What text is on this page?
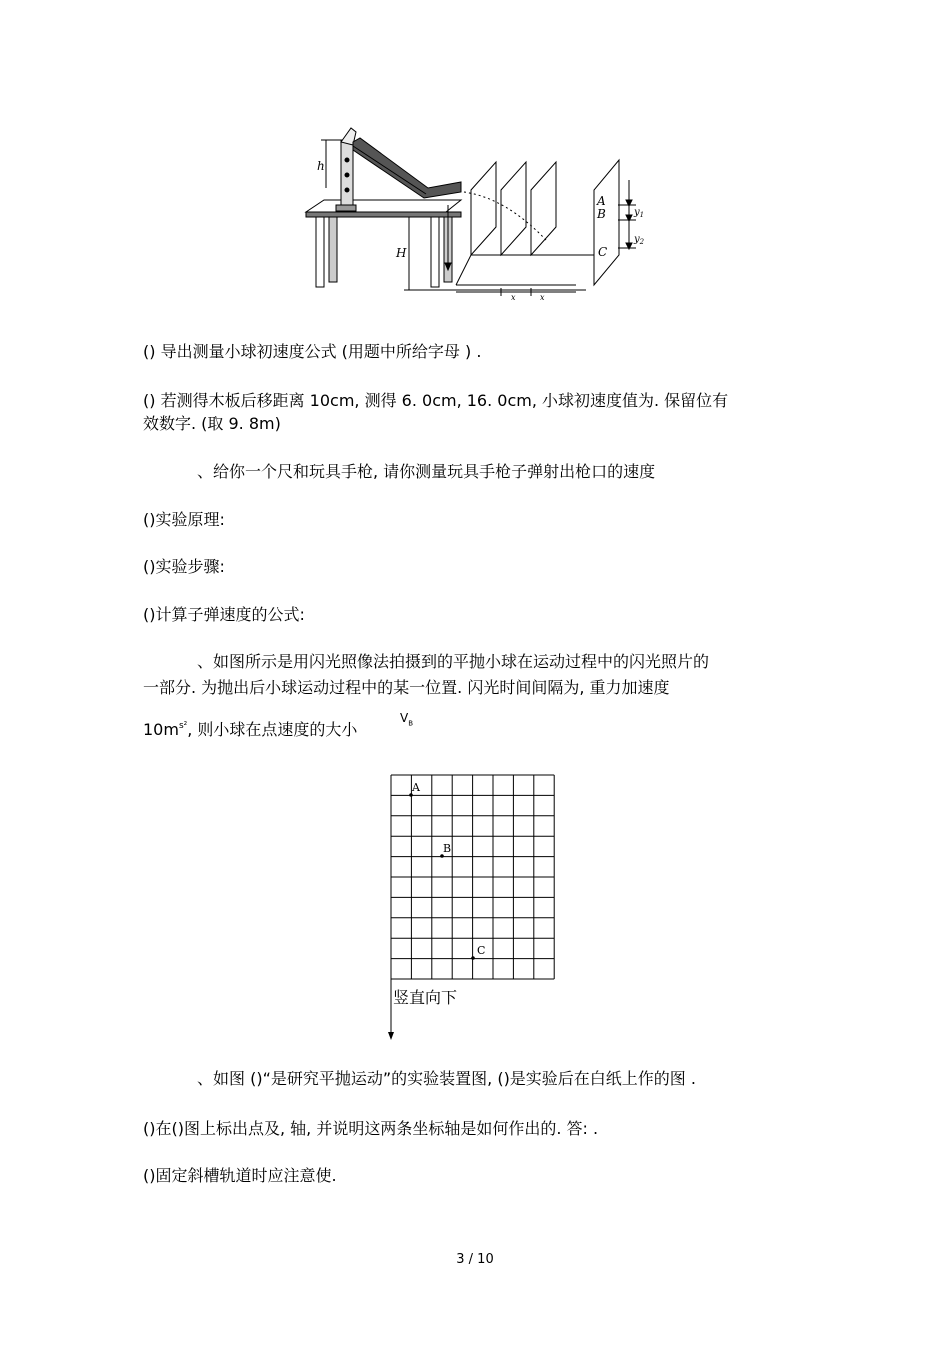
h
H
A
B
C
$y_1$
$y_2$
x	x
() 导出测量小球初速度公式 (用题中所给字母 ) .
() 若测得木板后移距离 10cm, 测得 6. 0cm, 16. 0cm, 小球初速度值为. 保留位有
效数字. (取 9. 8m)
、给你一个尺和玩具手枪, 请你测量玩具手枪子弹射出枪口的速度
()实验原理:
()实验步骤:
()计算子弹速度的公式:
、如图所示是用闪光照像法拍摄到的平抛小球在运动过程中的闪光照片的
一部分. 为抛出后小球运动过程中的某一位置. 闪光时间间隔为, 重力加速度
$10m^{s^2}$, 则小球在点速度的大小
$V_B$
A
B
C
竖直向下
、如图 ()“是研究平抛运动”的实验装置图, ()是实验后在白纸上作的图 .
()在()图上标出点及, 轴, 并说明这两条坐标轴是如何作出的. 答: .
()固定斜槽轨道时应注意使.
3 / 10
